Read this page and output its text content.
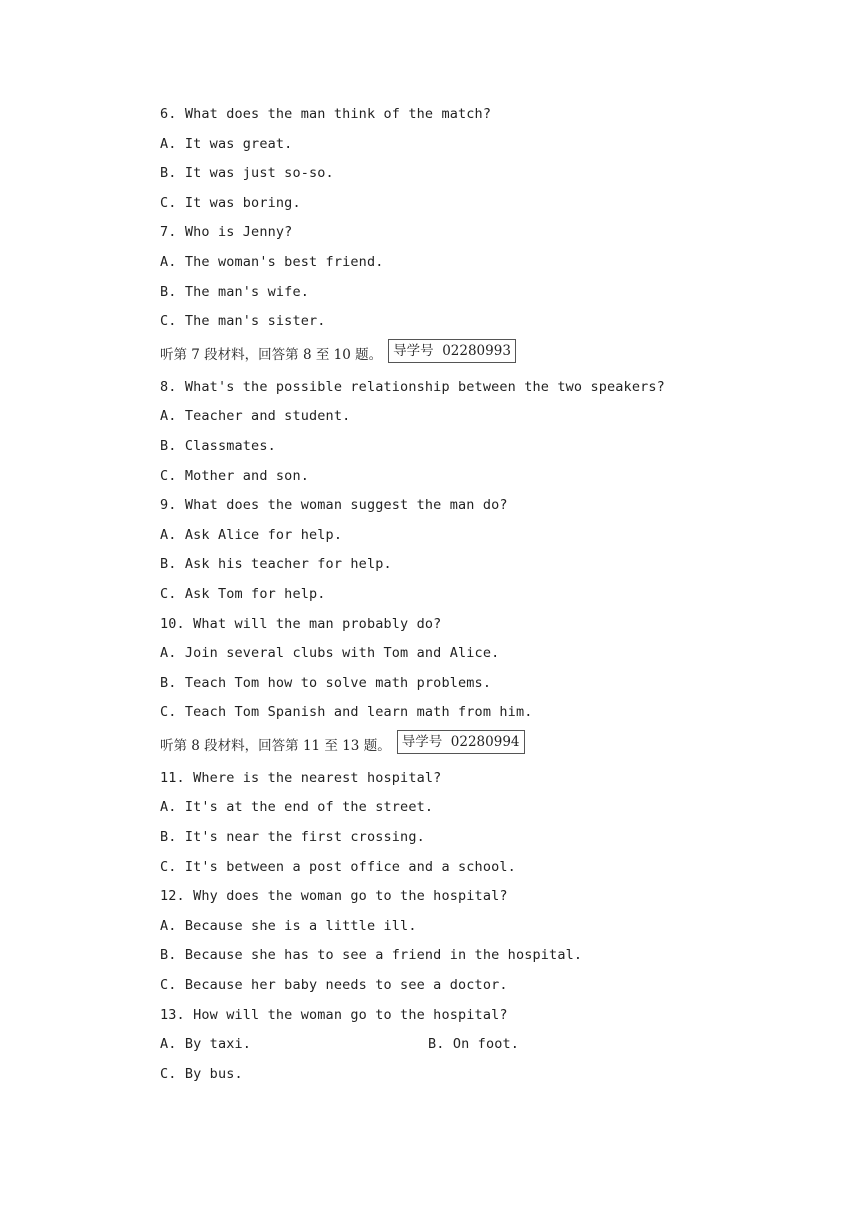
6. What does the man think of the match?
A. It was great.
B. It was just so-so.
C. It was boring.
7. Who is Jenny?
A. The woman's best friend.
B. The man's wife.
C. The man's sister.
听第 7 段材料，回答第 8 至 10 题。 导学号  02280993
8. What's the possible relationship between the two speakers?
A. Teacher and student.
B. Classmates.
C. Mother and son.
9. What does the woman suggest the man do?
A. Ask Alice for help.
B. Ask his teacher for help.
C. Ask Tom for help.
10. What will the man probably do?
A. Join several clubs with Tom and Alice.
B. Teach Tom how to solve math problems.
C. Teach Tom Spanish and learn math from him.
听第 8 段材料，回答第 11 至 13 题。 导学号  02280994
11. Where is the nearest hospital?
A. It's at the end of the street.
B. It's near the first crossing.
C. It's between a post office and a school.
12. Why does the woman go to the hospital?
A. Because she is a little ill.
B. Because she has to see a friend in the hospital.
C. Because her baby needs to see a doctor.
13. How will the woman go to the hospital?
A. By taxi.	B. On foot.
C. By bus.
